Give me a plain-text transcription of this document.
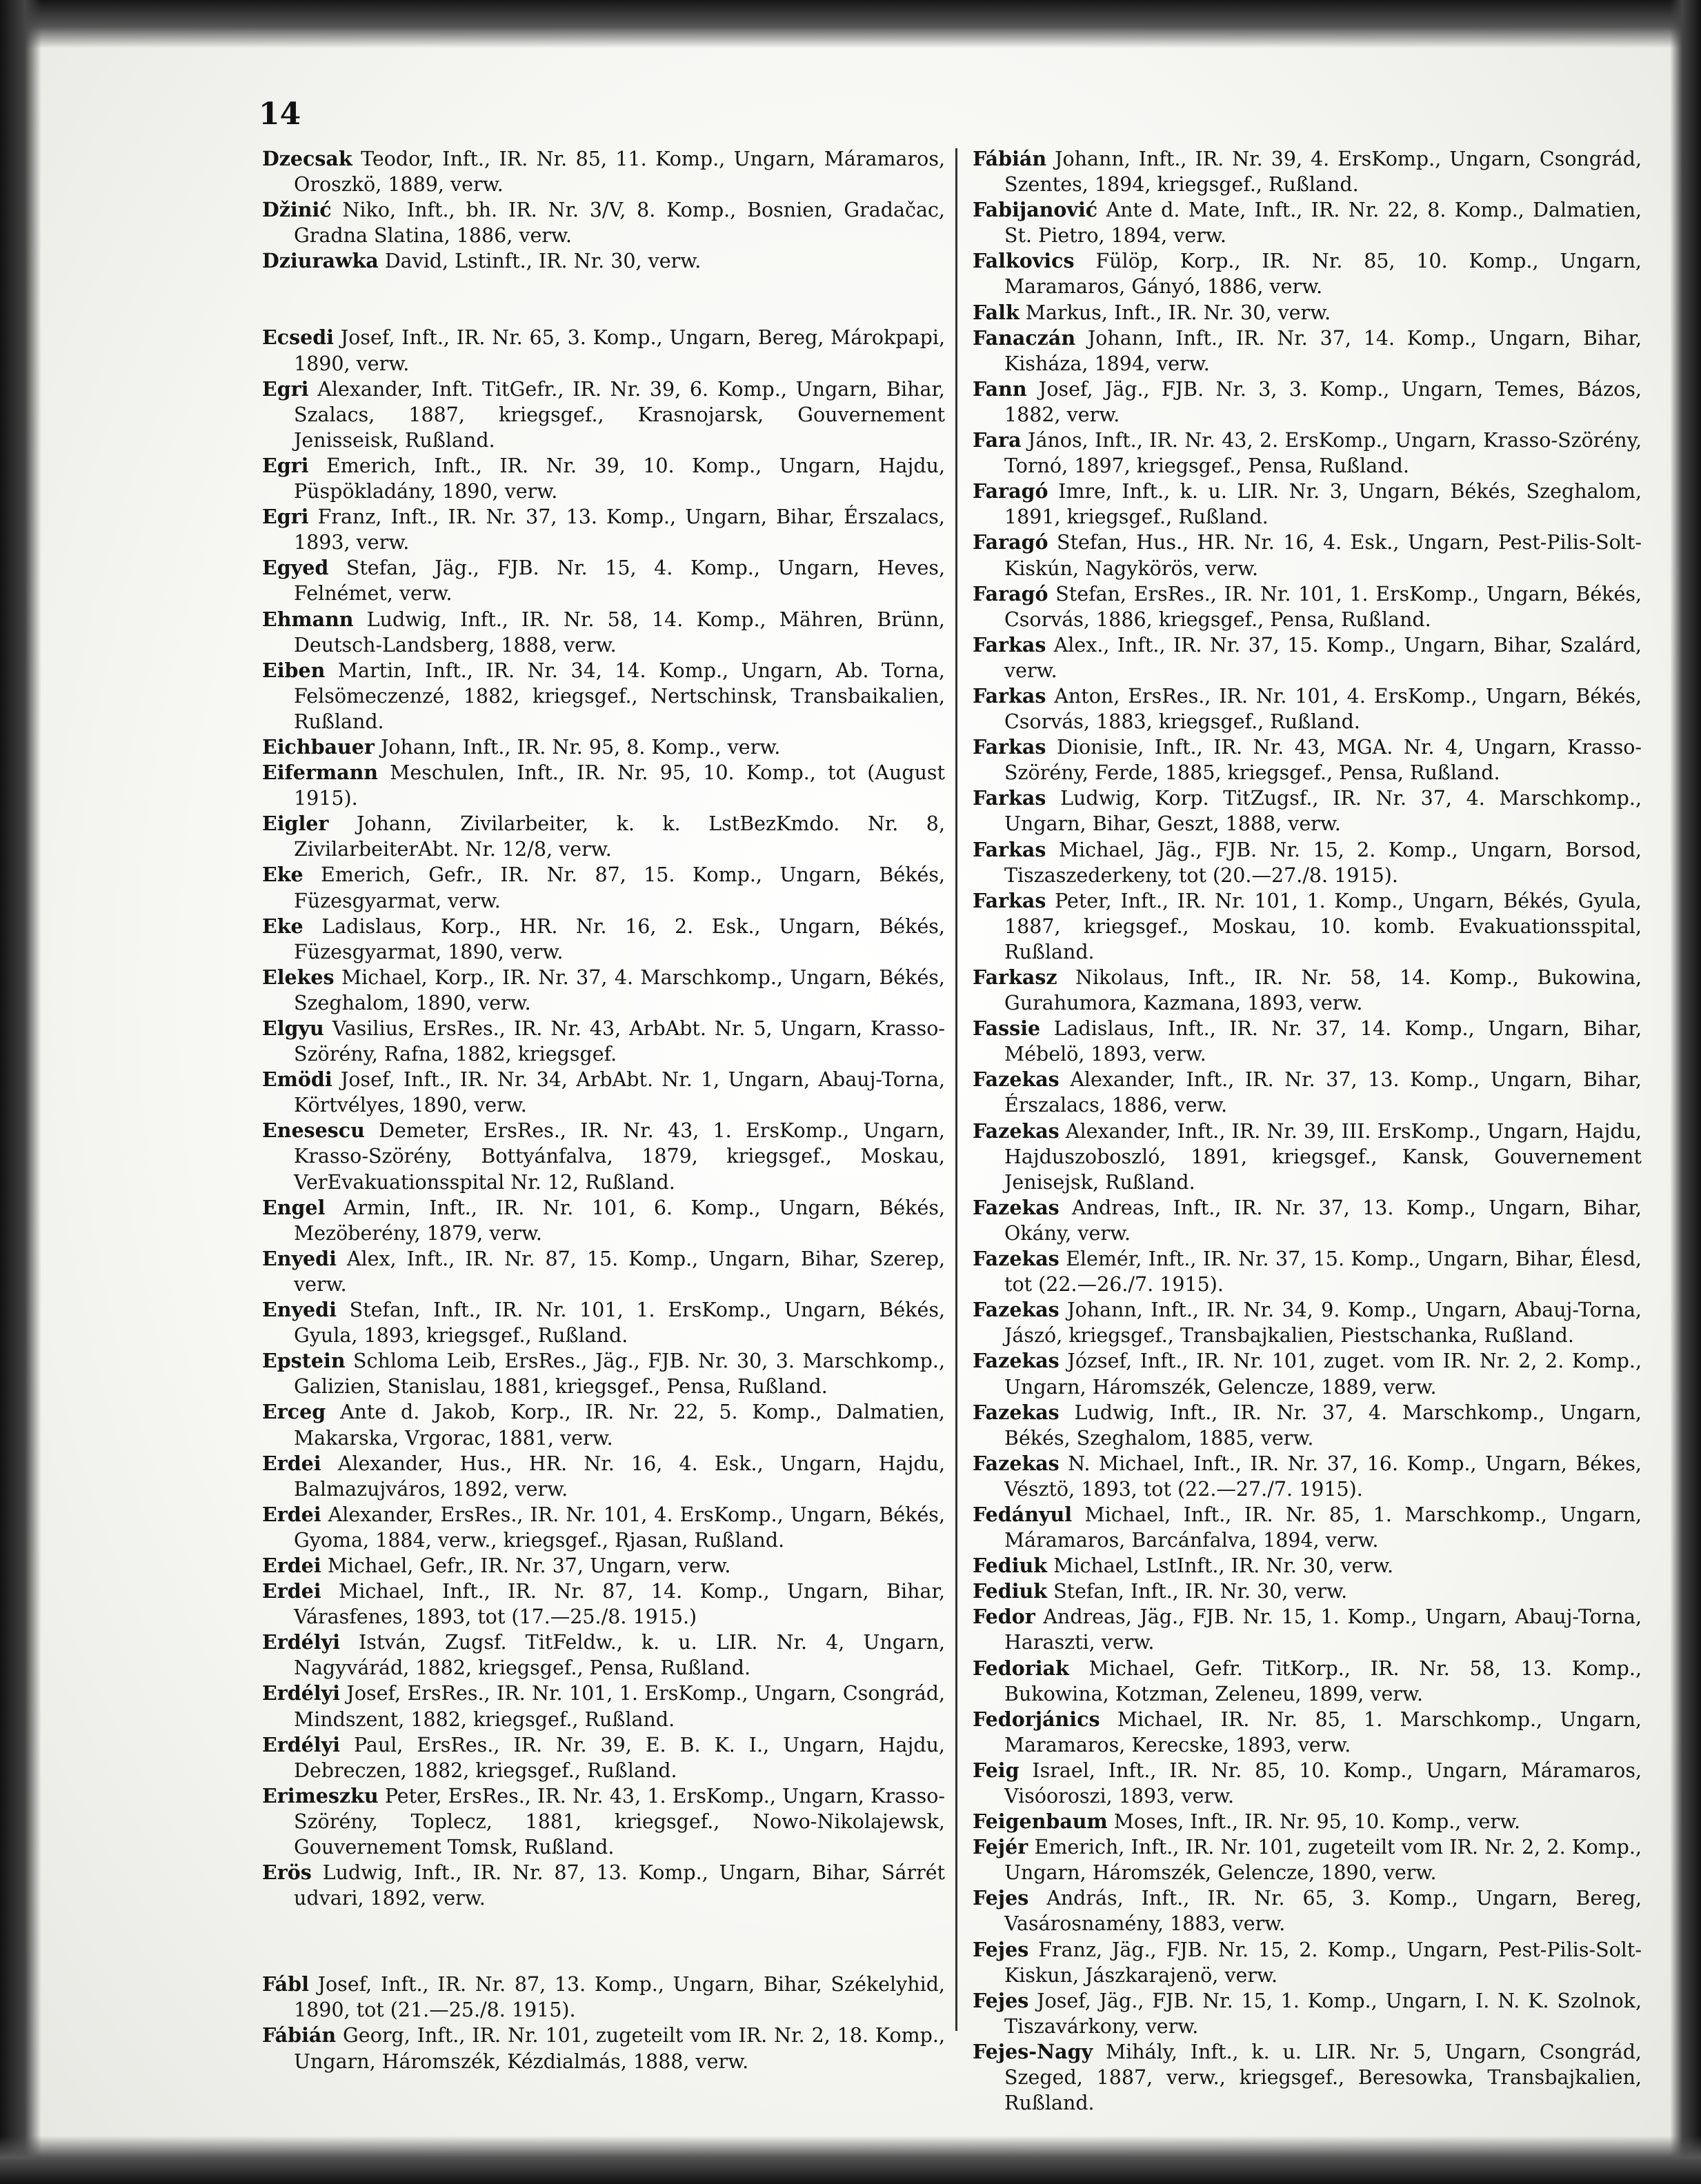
14

Dzecsak Teodor, Inft., IR. Nr. 85, 11. Komp., Ungarn, Máramaros, Oroszkö, 1889, verw.

Džinić Niko, Inft., bh. IR. Nr. 3/V, 8. Komp., Bosnien, Gradačac, Gradna Slatina, 1886, verw.

Dziurawka David, Lstinft., IR. Nr. 30, verw.

Ecsedi Josef, Inft., IR. Nr. 65, 3. Komp., Ungarn, Bereg, Márokpapi, 1890, verw.

Egri Alexander, Inft. TitGefr., IR. Nr. 39, 6. Komp., Ungarn, Bihar, Szalacs, 1887, kriegsgef., Krasnojarsk, Gouvernement Jenisseisk, Rußland.

Egri Emerich, Inft., IR. Nr. 39, 10. Komp., Ungarn, Hajdu, Püspökladány, 1890, verw.

Egri Franz, Inft., IR. Nr. 37, 13. Komp., Ungarn, Bihar, Érszalacs, 1893, verw.

Egyed Stefan, Jäg., FJB. Nr. 15, 4. Komp., Ungarn, Heves, Felnémet, verw.

Ehmann Ludwig, Inft., IR. Nr. 58, 14. Komp., Mähren, Brünn, Deutsch-Landsberg, 1888, verw.

Eiben Martin, Inft., IR. Nr. 34, 14. Komp., Ungarn, Ab. Torna, Felsömeczenzé, 1882, kriegsgef., Nertschinsk, Transbaikalien, Rußland.

Eichbauer Johann, Inft., IR. Nr. 95, 8. Komp., verw.

Eifermann Meschulen, Inft., IR. Nr. 95, 10. Komp., tot (August 1915).

Eigler Johann, Zivilarbeiter, k. k. LstBezKmdo. Nr. 8, ZivilarbeiterAbt. Nr. 12/8, verw.

Eke Emerich, Gefr., IR. Nr. 87, 15. Komp., Ungarn, Békés, Füzesgyarmat, verw.

Eke Ladislaus, Korp., HR. Nr. 16, 2. Esk., Ungarn, Békés, Füzesgyarmat, 1890, verw.

Elekes Michael, Korp., IR. Nr. 37, 4. Marschkomp., Ungarn, Békés, Szeghalom, 1890, verw.

Elgyu Vasilius, ErsRes., IR. Nr. 43, ArbAbt. Nr. 5, Ungarn, Krasso-Szörény, Rafna, 1882, kriegsgef.

Emödi Josef, Inft., IR. Nr. 34, ArbAbt. Nr. 1, Ungarn, Abauj-Torna, Körtvélyes, 1890, verw.

Enesescu Demeter, ErsRes., IR. Nr. 43, 1. ErsKomp., Ungarn, Krasso-Szörény, Bottyánfalva, 1879, kriegsgef., Moskau, VerEvakuationsspital Nr. 12, Rußland.

Engel Armin, Inft., IR. Nr. 101, 6. Komp., Ungarn, Békés, Mezöberény, 1879, verw.

Enyedi Alex, Inft., IR. Nr. 87, 15. Komp., Ungarn, Bihar, Szerep, verw.

Enyedi Stefan, Inft., IR. Nr. 101, 1. ErsKomp., Ungarn, Békés, Gyula, 1893, kriegsgef., Rußland.

Epstein Schloma Leib, ErsRes., Jäg., FJB. Nr. 30, 3. Marschkomp., Galizien, Stanislau, 1881, kriegsgef., Pensa, Rußland.

Erceg Ante d. Jakob, Korp., IR. Nr. 22, 5. Komp., Dalmatien, Makarska, Vrgorac, 1881, verw.

Erdei Alexander, Hus., HR. Nr. 16, 4. Esk., Ungarn, Hajdu, Balmazujváros, 1892, verw.

Erdei Alexander, ErsRes., IR. Nr. 101, 4. ErsKomp., Ungarn, Békés, Gyoma, 1884, verw., kriegsgef., Rjasan, Rußland.

Erdei Michael, Gefr., IR. Nr. 37, Ungarn, verw.

Erdei Michael, Inft., IR. Nr. 87, 14. Komp., Ungarn, Bihar, Várasfenes, 1893, tot (17.—25./8. 1915.)

Erdélyi István, Zugsf. TitFeldw., k. u. LIR. Nr. 4, Ungarn, Nagyvárád, 1882, kriegsgef., Pensa, Rußland.

Erdélyi Josef, ErsRes., IR. Nr. 101, 1. ErsKomp., Ungarn, Csongrád, Mindszent, 1882, kriegsgef., Rußland.

Erdélyi Paul, ErsRes., IR. Nr. 39, E. B. K. I., Ungarn, Hajdu, Debreczen, 1882, kriegsgef., Rußland.

Erimeszku Peter, ErsRes., IR. Nr. 43, 1. ErsKomp., Ungarn, Krasso-Szörény, Toplecz, 1881, kriegsgef., Nowo-Nikolajewsk, Gouvernement Tomsk, Rußland.

Erös Ludwig, Inft., IR. Nr. 87, 13. Komp., Ungarn, Bihar, Sárrét udvari, 1892, verw.

Fábl Josef, Inft., IR. Nr. 87, 13. Komp., Ungarn, Bihar, Székelyhid, 1890, tot (21.—25./8. 1915).

Fábián Georg, Inft., IR. Nr. 101, zugeteilt vom IR. Nr. 2, 18. Komp., Ungarn, Háromszék, Kézdialmás, 1888, verw.

Fábián Johann, Inft., IR. Nr. 39, 4. ErsKomp., Ungarn, Csongrád, Szentes, 1894, kriegsgef., Rußland.

Fabijanović Ante d. Mate, Inft., IR. Nr. 22, 8. Komp., Dalmatien, St. Pietro, 1894, verw.

Falkovics Fülöp, Korp., IR. Nr. 85, 10. Komp., Ungarn, Maramaros, Gányó, 1886, verw.

Falk Markus, Inft., IR. Nr. 30, verw.

Fanaczán Johann, Inft., IR. Nr. 37, 14. Komp., Ungarn, Bihar, Kisháza, 1894, verw.

Fann Josef, Jäg., FJB. Nr. 3, 3. Komp., Ungarn, Temes, Bázos, 1882, verw.

Fara János, Inft., IR. Nr. 43, 2. ErsKomp., Ungarn, Krasso-Szörény, Tornó, 1897, kriegsgef., Pensa, Rußland.

Faragó Imre, Inft., k. u. LIR. Nr. 3, Ungarn, Békés, Szeghalom, 1891, kriegsgef., Rußland.

Faragó Stefan, Hus., HR. Nr. 16, 4. Esk., Ungarn, Pest-Pilis-Solt-Kiskún, Nagykörös, verw.

Faragó Stefan, ErsRes., IR. Nr. 101, 1. ErsKomp., Ungarn, Békés, Csorvás, 1886, kriegsgef., Pensa, Rußland.

Farkas Alex., Inft., IR. Nr. 37, 15. Komp., Ungarn, Bihar, Szalárd, verw.

Farkas Anton, ErsRes., IR. Nr. 101, 4. ErsKomp., Ungarn, Békés, Csorvás, 1883, kriegsgef., Rußland.

Farkas Dionisie, Inft., IR. Nr. 43, MGA. Nr. 4, Ungarn, Krasso-Szörény, Ferde, 1885, kriegsgef., Pensa, Rußland.

Farkas Ludwig, Korp. TitZugsf., IR. Nr. 37, 4. Marschkomp., Ungarn, Bihar, Geszt, 1888, verw.

Farkas Michael, Jäg., FJB. Nr. 15, 2. Komp., Ungarn, Borsod, Tiszaszederkeny, tot (20.—27./8. 1915).

Farkas Peter, Inft., IR. Nr. 101, 1. Komp., Ungarn, Békés, Gyula, 1887, kriegsgef., Moskau, 10. komb. Evakuationsspital, Rußland.

Farkasz Nikolaus, Inft., IR. Nr. 58, 14. Komp., Bukowina, Gurahumora, Kazmana, 1893, verw.

Fassie Ladislaus, Inft., IR. Nr. 37, 14. Komp., Ungarn, Bihar, Mébelö, 1893, verw.

Fazekas Alexander, Inft., IR. Nr. 37, 13. Komp., Ungarn, Bihar, Érszalacs, 1886, verw.

Fazekas Alexander, Inft., IR. Nr. 39, III. ErsKomp., Ungarn, Hajdu, Hajduszoboszló, 1891, kriegsgef., Kansk, Gouvernement Jenisejsk, Rußland.

Fazekas Andreas, Inft., IR. Nr. 37, 13. Komp., Ungarn, Bihar, Okány, verw.

Fazekas Elemér, Inft., IR. Nr. 37, 15. Komp., Ungarn, Bihar, Élesd, tot (22.—26./7. 1915).

Fazekas Johann, Inft., IR. Nr. 34, 9. Komp., Ungarn, Abauj-Torna, Jászó, kriegsgef., Transbajkalien, Piestschanka, Rußland.

Fazekas József, Inft., IR. Nr. 101, zuget. vom IR. Nr. 2, 2. Komp., Ungarn, Háromszék, Gelencze, 1889, verw.

Fazekas Ludwig, Inft., IR. Nr. 37, 4. Marschkomp., Ungarn, Békés, Szeghalom, 1885, verw.

Fazekas N. Michael, Inft., IR. Nr. 37, 16. Komp., Ungarn, Békes, Vésztö, 1893, tot (22.—27./7. 1915).

Fedányul Michael, Inft., IR. Nr. 85, 1. Marschkomp., Ungarn, Máramaros, Barcánfalva, 1894, verw.

Fediuk Michael, LstInft., IR. Nr. 30, verw.

Fediuk Stefan, Inft., IR. Nr. 30, verw.

Fedor Andreas, Jäg., FJB. Nr. 15, 1. Komp., Ungarn, Abauj-Torna, Haraszti, verw.

Fedoriak Michael, Gefr. TitKorp., IR. Nr. 58, 13. Komp., Bukowina, Kotzman, Zeleneu, 1899, verw.

Fedorjánics Michael, IR. Nr. 85, 1. Marschkomp., Ungarn, Maramaros, Kerecske, 1893, verw.

Feig Israel, Inft., IR. Nr. 85, 10. Komp., Ungarn, Máramaros, Visóoroszi, 1893, verw.

Feigenbaum Moses, Inft., IR. Nr. 95, 10. Komp., verw.

Fejér Emerich, Inft., IR. Nr. 101, zugeteilt vom IR. Nr. 2, 2. Komp., Ungarn, Háromszék, Gelencze, 1890, verw.

Fejes András, Inft., IR. Nr. 65, 3. Komp., Ungarn, Bereg, Vasárosnamény, 1883, verw.

Fejes Franz, Jäg., FJB. Nr. 15, 2. Komp., Ungarn, Pest-Pilis-Solt-Kiskun, Jászkarajenö, verw.

Fejes Josef, Jäg., FJB. Nr. 15, 1. Komp., Ungarn, I. N. K. Szolnok, Tiszavárkony, verw.

Fejes-Nagy Mihály, Inft., k. u. LIR. Nr. 5, Ungarn, Csongrád, Szeged, 1887, verw., kriegsgef., Beresowka, Transbajkalien, Rußland.
